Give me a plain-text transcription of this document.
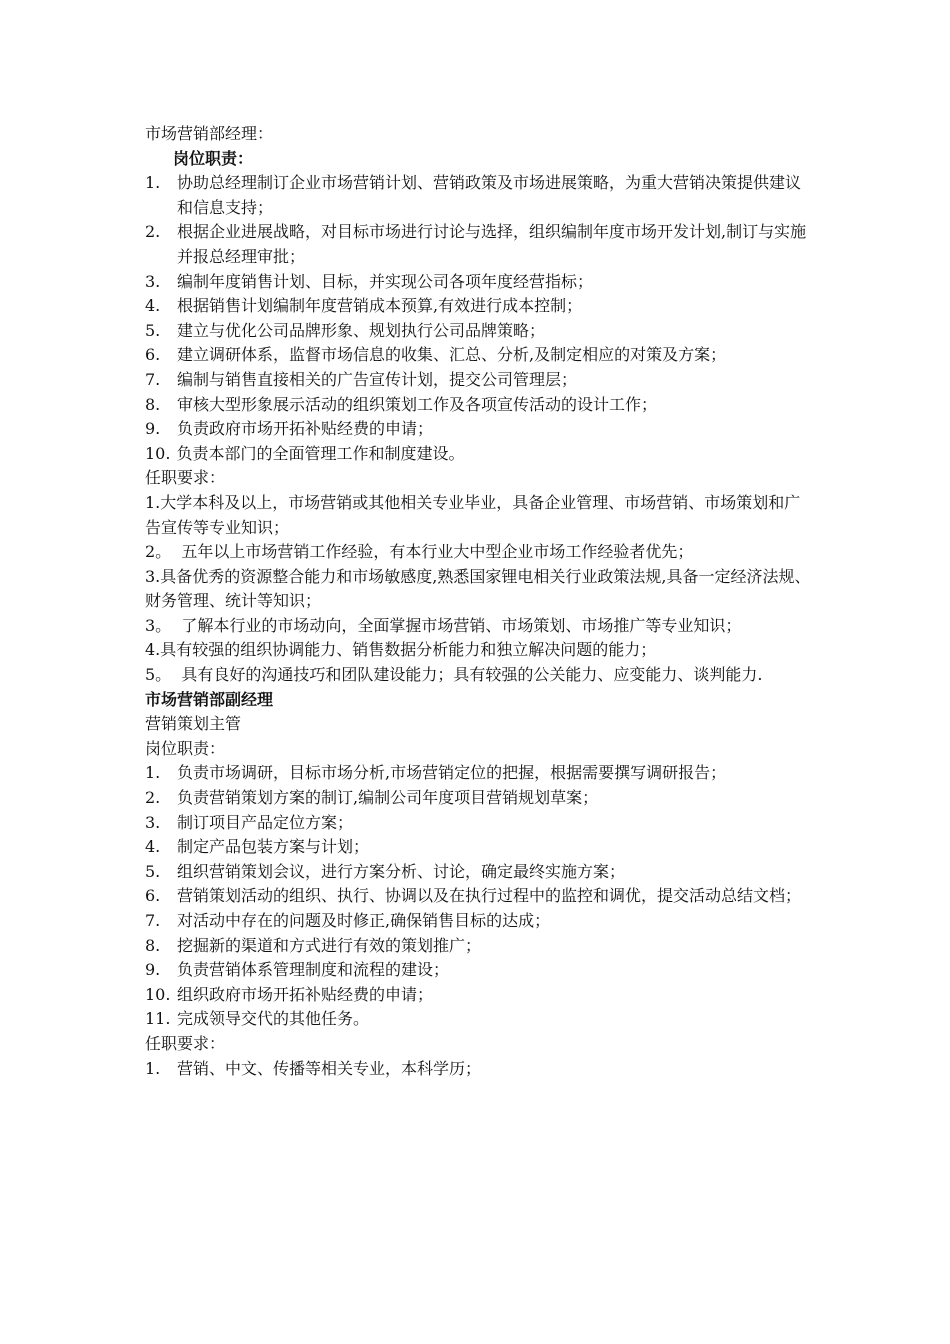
市场营销部经理：
岗位职责：
1.	协助总经理制订企业市场营销计划、营销政策及市场进展策略，为重大营销决策提供建议和信息支持；
2.	根据企业进展战略，对目标市场进行讨论与选择，组织编制年度市场开发计划,制订与实施并报总经理审批；
3.	编制年度销售计划、目标，并实现公司各项年度经营指标；
4.	根据销售计划编制年度营销成本预算,有效进行成本控制；
5.	建立与优化公司品牌形象、规划执行公司品牌策略；
6.	建立调研体系，监督市场信息的收集、汇总、分析,及制定相应的对策及方案；
7.	编制与销售直接相关的广告宣传计划，提交公司管理层；
8.	审核大型形象展示活动的组织策划工作及各项宣传活动的设计工作；
9.	负责政府市场开拓补贴经费的申请；
10. 负责本部门的全面管理工作和制度建设。
任职要求：
1.大学本科及以上，市场营销或其他相关专业毕业，具备企业管理、市场营销、市场策划和广告宣传等专业知识；
2。  五年以上市场营销工作经验，有本行业大中型企业市场工作经验者优先；
3.具备优秀的资源整合能力和市场敏感度,熟悉国家锂电相关行业政策法规,具备一定经济法规、财务管理、统计等知识；
3。  了解本行业的市场动向，全面掌握市场营销、市场策划、市场推广等专业知识；
4.具有较强的组织协调能力、销售数据分析能力和独立解决问题的能力；
5。  具有良好的沟通技巧和团队建设能力；具有较强的公关能力、应变能力、谈判能力.
市场营销部副经理
营销策划主管
岗位职责：
1.	负责市场调研，目标市场分析,市场营销定位的把握，根据需要撰写调研报告；
2.	负责营销策划方案的制订,编制公司年度项目营销规划草案；
3.	制订项目产品定位方案；
4.	制定产品包装方案与计划；
5.	组织营销策划会议，进行方案分析、讨论，确定最终实施方案；
6.	营销策划活动的组织、执行、协调以及在执行过程中的监控和调优，提交活动总结文档；
7.	对活动中存在的问题及时修正,确保销售目标的达成；
8.	挖掘新的渠道和方式进行有效的策划推广；
9.	负责营销体系管理制度和流程的建设；
10. 组织政府市场开拓补贴经费的申请；
11. 完成领导交代的其他任务。
任职要求：
1.	营销、中文、传播等相关专业，本科学历；
